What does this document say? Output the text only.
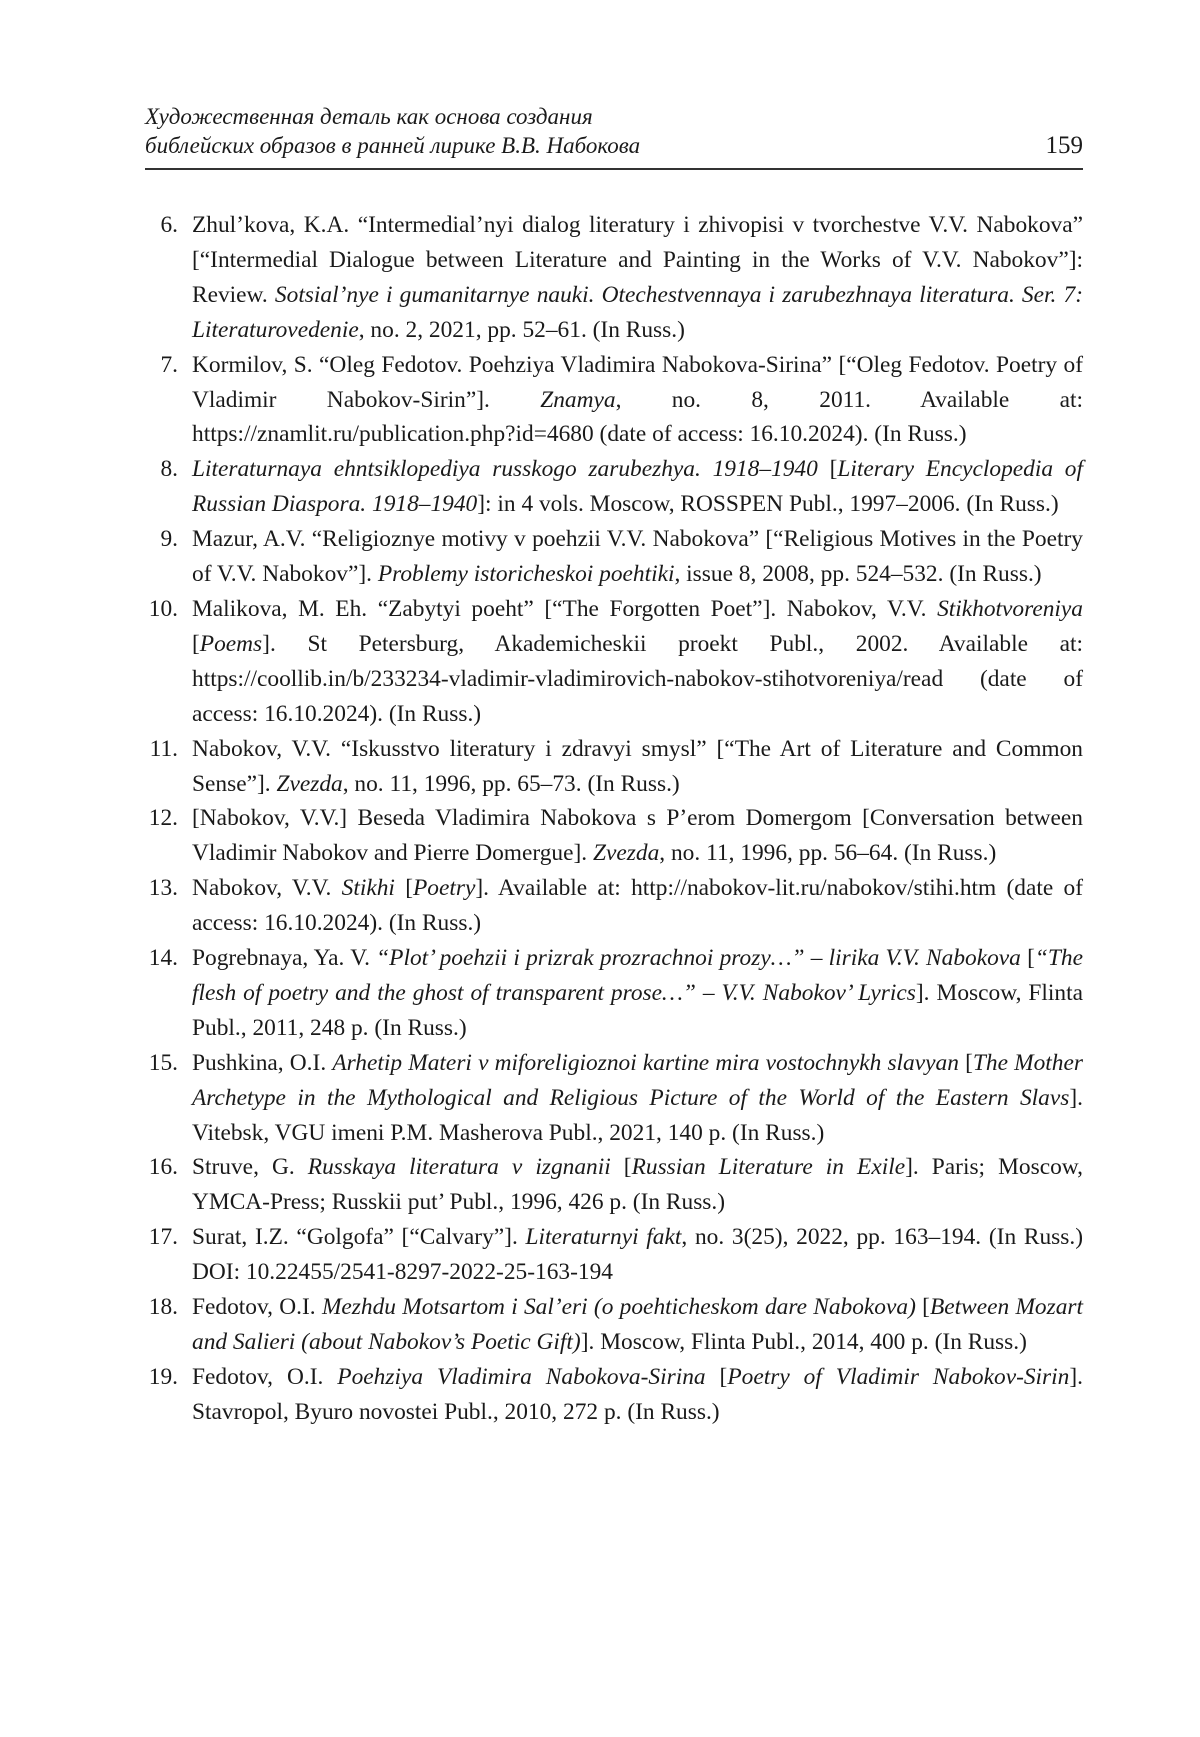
Художественная деталь как основа создания
библейских образов в ранней лирике В.В. Набокова	159
6. Zhul’kova, K.A. “Intermedial’nyi dialog literatury i zhivopisi v tvorchestve V.V. Nabokova” [“Intermedial Dialogue between Literature and Painting in the Works of V.V. Nabokov”]: Review. Sotsial’nye i gumanitarnye nauki. Otechestvennaya i zarubezhnaya literatura. Ser. 7: Literaturovedenie, no. 2, 2021, pp. 52–61. (In Russ.)
7. Kormilov, S. “Oleg Fedotov. Poehziya Vladimira Nabokova-Sirina” [“Oleg Fedotov. Poetry of Vladimir Nabokov-Sirin”]. Znamya, no. 8, 2011. Available at: https://znamlit.ru/publication.php?id=4680 (date of access: 16.10.2024). (In Russ.)
8. Literaturnaya ehntsiklopediya russkogo zarubezhya. 1918–1940 [Literary Encyclopedia of Russian Diaspora. 1918–1940]: in 4 vols. Moscow, ROSSPEN Publ., 1997–2006. (In Russ.)
9. Mazur, A.V. “Religioznye motivy v poehzii V.V. Nabokova” [“Religious Motives in the Poetry of V.V. Nabokov”]. Problemy istoricheskoi poehtiki, issue 8, 2008, pp. 524–532. (In Russ.)
10. Malikova, M. Eh. “Zabytyi poeht” [“The Forgotten Poet”]. Nabokov, V.V. Stikhotvoreniya [Poems]. St Petersburg, Akademicheskii proekt Publ., 2002. Available at: https://coollib.in/b/233234-vladimir-vladimirovich-nabokov-stihotvoreniya/read (date of access: 16.10.2024). (In Russ.)
11. Nabokov, V.V. “Iskusstvo literatury i zdravyi smysl” [“The Art of Literature and Common Sense”]. Zvezda, no. 11, 1996, pp. 65–73. (In Russ.)
12. [Nabokov, V.V.] Beseda Vladimira Nabokova s P’erom Domergom [Conversation between Vladimir Nabokov and Pierre Domergue]. Zvezda, no. 11, 1996, pp. 56–64. (In Russ.)
13. Nabokov, V.V. Stikhi [Poetry]. Available at: http://nabokov-lit.ru/nabokov/stihi.htm (date of access: 16.10.2024). (In Russ.)
14. Pogrebnaya, Ya. V. “Plot’ poehzii i prizrak prozrachnoi prozy…” – lirika V.V. Nabokova [“The flesh of poetry and the ghost of transparent prose…” – V.V. Nabokov’ Lyrics]. Moscow, Flinta Publ., 2011, 248 p. (In Russ.)
15. Pushkina, O.I. Arhetip Materi v miforeligioznoi kartine mira vostochnykh slavyan [The Mother Archetype in the Mythological and Religious Picture of the World of the Eastern Slavs]. Vitebsk, VGU imeni P.M. Masherova Publ., 2021, 140 p. (In Russ.)
16. Struve, G. Russkaya literatura v izgnanii [Russian Literature in Exile]. Paris; Moscow, YMCA-Press; Russkii put’ Publ., 1996, 426 p. (In Russ.)
17. Surat, I.Z. “Golgofa” [“Calvary”]. Literaturnyi fakt, no. 3(25), 2022, pp. 163–194. (In Russ.) DOI: 10.22455/2541-8297-2022-25-163-194
18. Fedotov, O.I. Mezhdu Motsartom i Sal’eri (o poehticheskom dare Nabokova) [Between Mozart and Salieri (about Nabokov’s Poetic Gift)]. Moscow, Flinta Publ., 2014, 400 p. (In Russ.)
19. Fedotov, O.I. Poehziya Vladimira Nabokova-Sirina [Poetry of Vladimir Nabokov-Sirin]. Stavropol, Byuro novostei Publ., 2010, 272 p. (In Russ.)
